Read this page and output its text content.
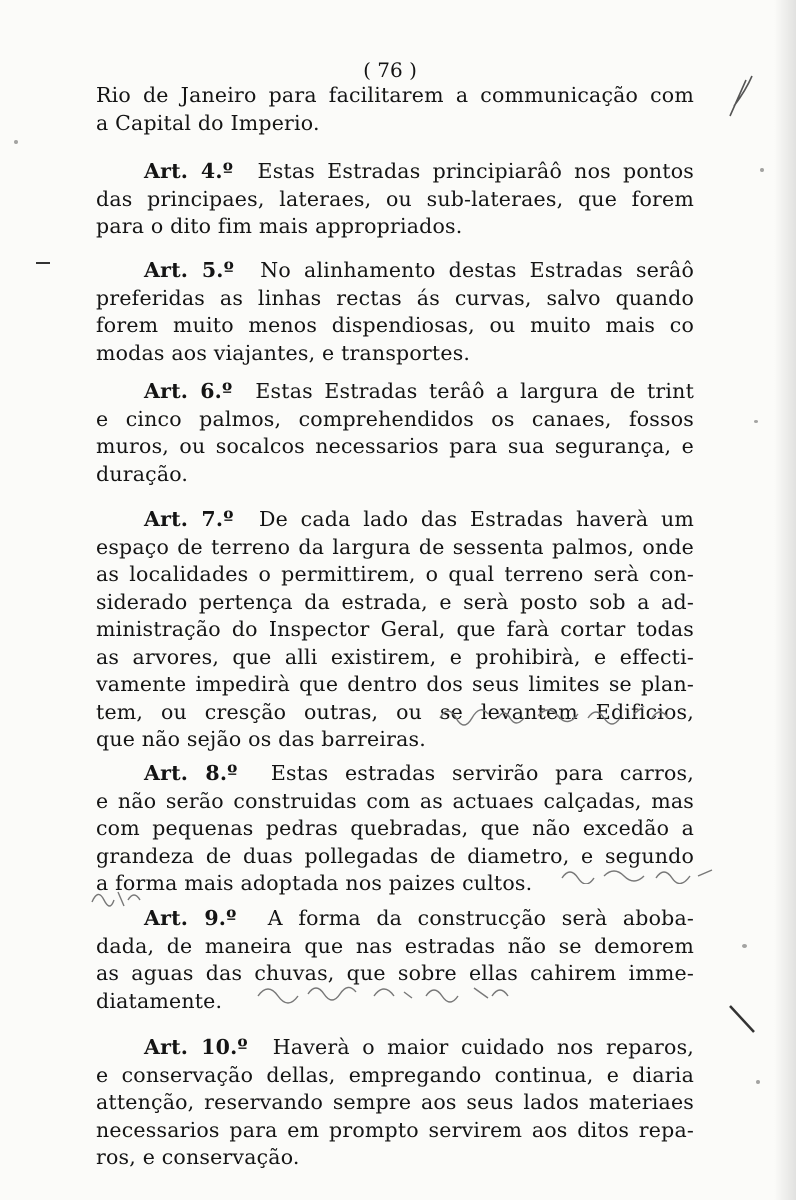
( 76 )
Rio de Janeiro para facilitarem a communicação com
a Capital do Imperio.
Art. 4.º Estas Estradas principiarâô nos pontos
das principaes, lateraes, ou sub-lateraes, que forem
para o dito fim mais appropriados.
Art. 5.º No alinhamento destas Estradas serâô
preferidas as linhas rectas ás curvas, salvo quando
forem muito menos dispendiosas, ou muito mais co
modas aos viajantes, e transportes.
Art. 6.º Estas Estradas terâô a largura de trint
e cinco palmos, comprehendidos os canaes, fossos
muros, ou socalcos necessarios para sua segurança, e
duração.
Art. 7.º De cada lado das Estradas haverà um
espaço de terreno da largura de sessenta palmos, onde
as localidades o permittirem, o qual terreno serà con-
siderado pertença da estrada, e serà posto sob a ad-
ministração do Inspector Geral, que farà cortar todas
as arvores, que alli existirem, e prohibirà, e effecti-
vamente impedirà que dentro dos seus limites se plan-
tem, ou cresção outras, ou se levantem Edificios,
que não sejão os das barreiras.
Art. 8.º Estas estradas servirão para carros,
e não serão construidas com as actuaes calçadas, mas
com pequenas pedras quebradas, que não excedão a
grandeza de duas pollegadas de diametro, e segundo
a forma mais adoptada nos paizes cultos.
Art. 9.º A forma da construcção serà aboba-
dada, de maneira que nas estradas não se demorem
as aguas das chuvas, que sobre ellas cahirem imme-
diatamente.
Art. 10.º Haverà o maior cuidado nos reparos,
e conservação dellas, empregando continua, e diaria
attenção, reservando sempre aos seus lados materiaes
necessarios para em prompto servirem aos ditos repa-
ros, e conservação.
